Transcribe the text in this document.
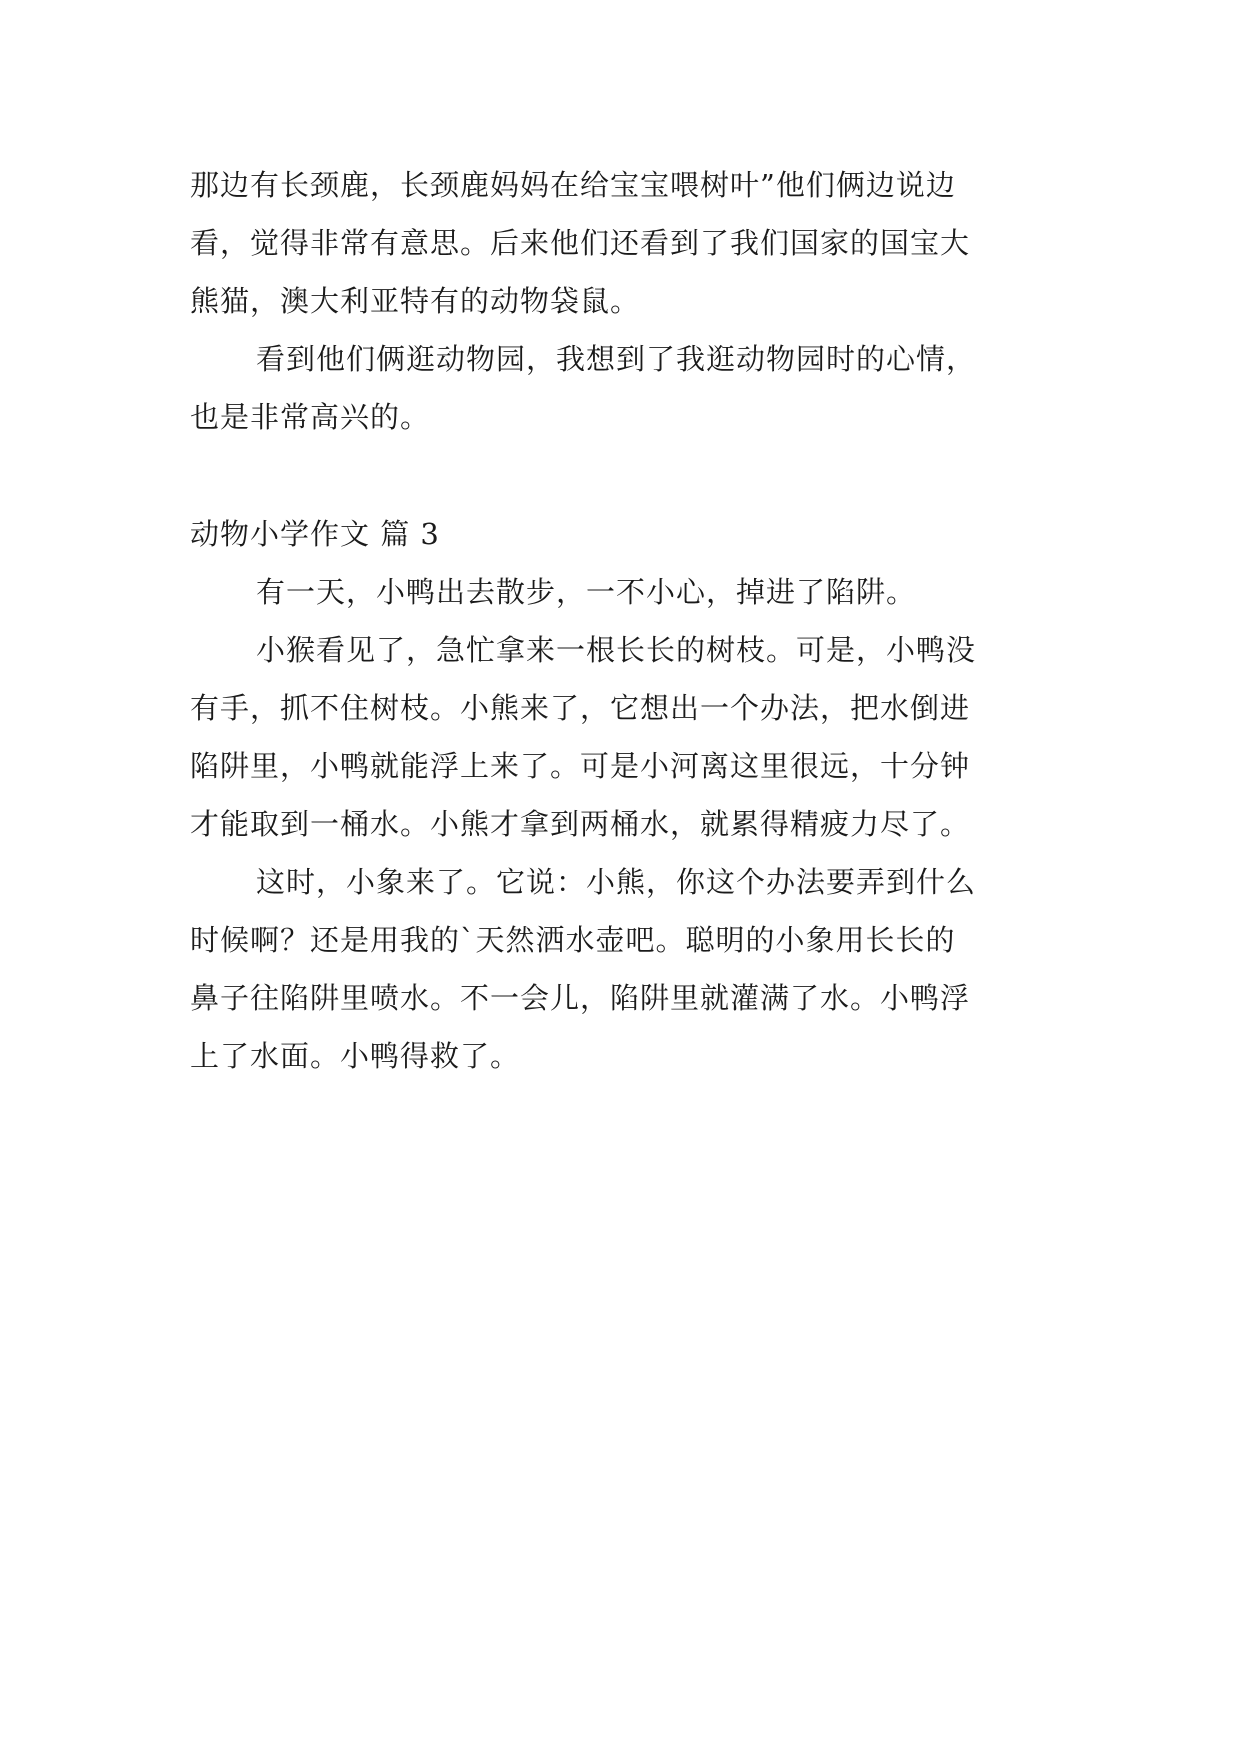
那边有长颈鹿，长颈鹿妈妈在给宝宝喂树叶”他们俩边说边
看，觉得非常有意思。后来他们还看到了我们国家的国宝大
熊猫，澳大利亚特有的动物袋鼠。
看到他们俩逛动物园，我想到了我逛动物园时的心情，
也是非常高兴的。
动物小学作文 篇 3
有一天，小鸭出去散步，一不小心，掉进了陷阱。
小猴看见了，急忙拿来一根长长的树枝。可是，小鸭没
有手，抓不住树枝。小熊来了，它想出一个办法，把水倒进
陷阱里，小鸭就能浮上来了。可是小河离这里很远，十分钟
才能取到一桶水。小熊才拿到两桶水，就累得精疲力尽了。
这时，小象来了。它说：小熊，你这个办法要弄到什么
时候啊？还是用我的`天然洒水壶吧。聪明的小象用长长的
鼻子往陷阱里喷水。不一会儿，陷阱里就灌满了水。小鸭浮
上了水面。小鸭得救了。
